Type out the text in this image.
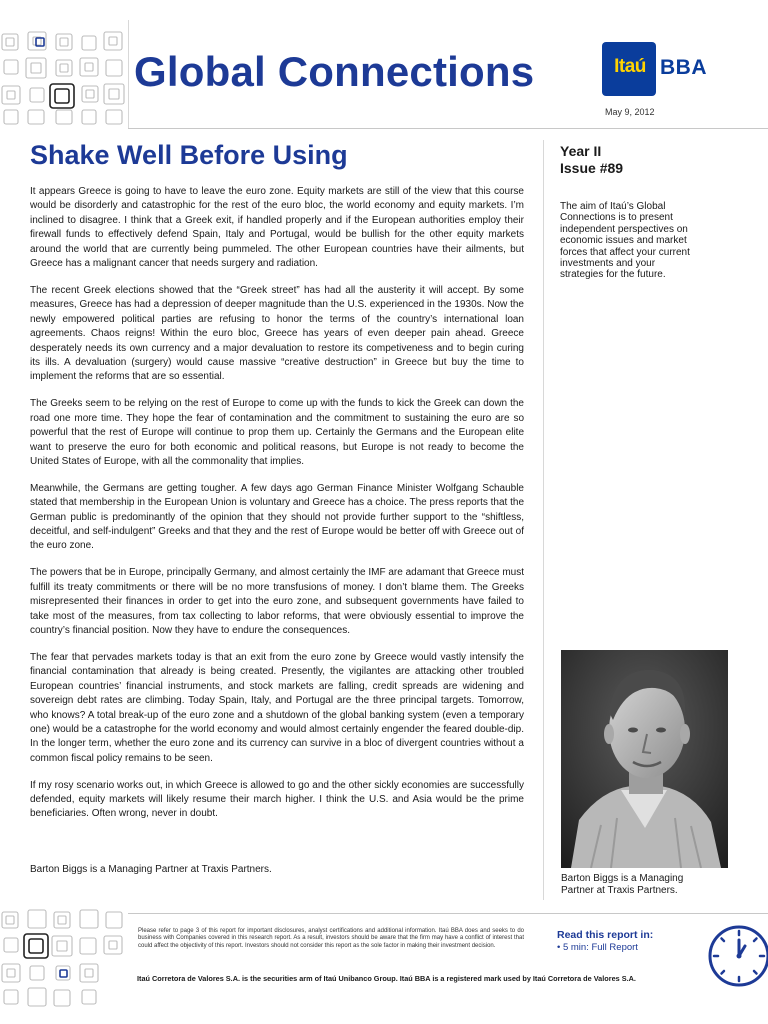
Global Connections	Itaú BBA
May 9, 2012
Shake Well Before Using

It appears Greece is going to have to leave the euro zone. Equity markets are still of the view that this course would be disorderly and catastrophic for the rest of the euro bloc, the world economy and equity markets. I’m inclined to disagree. I think that a Greek exit, if handled properly and if the European authorities employ their firewall funds to effectively defend Spain, Italy and Portugal, would be bullish for the other equity markets around the world that are currently being pummeled. The other European countries have their ailments, but Greece has a malignant cancer that needs surgery and radiation.

The recent Greek elections showed that the “Greek street” has had all the austerity it will accept. By some measures, Greece has had a depression of deeper magnitude than the U.S. experienced in the 1930s. Now the newly empowered political parties are refusing to honor the terms of the country’s international loan agreements. Chaos reigns! Within the euro bloc, Greece has years of even deeper pain ahead. Greece desperately needs its own currency and a major devaluation to restore its competiveness and to begin curing its ills. A devaluation (surgery) would cause massive “creative destruction” in Greece but buy the time to implement the reforms that are so essential.

The Greeks seem to be relying on the rest of Europe to come up with the funds to kick the Greek can down the road one more time. They hope the fear of contamination and the commitment to sustaining the euro are so powerful that the rest of Europe will continue to prop them up. Certainly the Germans and the European elite want to preserve the euro for both economic and political reasons, but Europe is not ready to become the United States of Europe, with all the commonality that implies.

Meanwhile, the Germans are getting tougher. A few days ago German Finance Minister Wolfgang Schauble stated that membership in the European Union is voluntary and Greece has a choice. The press reports that the German public is predominantly of the opinion that they should not provide further support to the “shiftless, deceitful, and self-indulgent” Greeks and that they and the rest of Europe would be better off with Greece out of the euro zone.

The powers that be in Europe, principally Germany, and almost certainly the IMF are adamant that Greece must fulfill its treaty commitments or there will be no more transfusions of money. I don’t blame them. The Greeks misrepresented their finances in order to get into the euro zone, and subsequent governments have failed to take most of the measures, from tax collecting to labor reforms, that were obviously essential to improve the country’s financial position. Now they have to endure the consequences.

The fear that pervades markets today is that an exit from the euro zone by Greece would vastly intensify the financial contamination that already is being created. Presently, the vigilantes are attacking other troubled European countries’ financial instruments, and stock markets are falling, credit spreads are widening and sovereign debt rates are climbing. Today Spain, Italy, and Portugal are the three principal targets. Tomorrow, who knows? A total break-up of the euro zone and a shutdown of the global banking system (even a temporary one) would be a catastrophe for the world economy and would almost certainly engender the feared double-dip. In the longer term, whether the euro zone and its currency can survive in a bloc of divergent countries without a common fiscal policy remains to be seen.

If my rosy scenario works out, in which Greece is allowed to go and the other sickly economies are successfully defended, equity markets will likely resume their march higher. I think the U.S. and Asia would be the prime beneficiaries. Often wrong, never in doubt.

Barton Biggs is a Managing Partner at Traxis Partners.
Year II
Issue #89
The aim of Itaú’s Global Connections is to present independent perspectives on economic issues and market forces that affect your current investments and your strategies for the future.
Barton Biggs is a Managing Partner at Traxis Partners.
Please refer to page 3 of this report for important disclosures, analyst certifications and additional information. Itaú BBA does and seeks to do business with Companies covered in this research report. As a result, investors should be aware that the firm may have a conflict of interest that could affect the objectivity of this report. Investors should not consider this report as the sole factor in making their investment decision.
Read this report in:
• 5 min: Full Report
Itaú Corretora de Valores S.A. is the securities arm of Itaú Unibanco Group. Itaú BBA is a registered mark used by Itaú Corretora de Valores S.A.
